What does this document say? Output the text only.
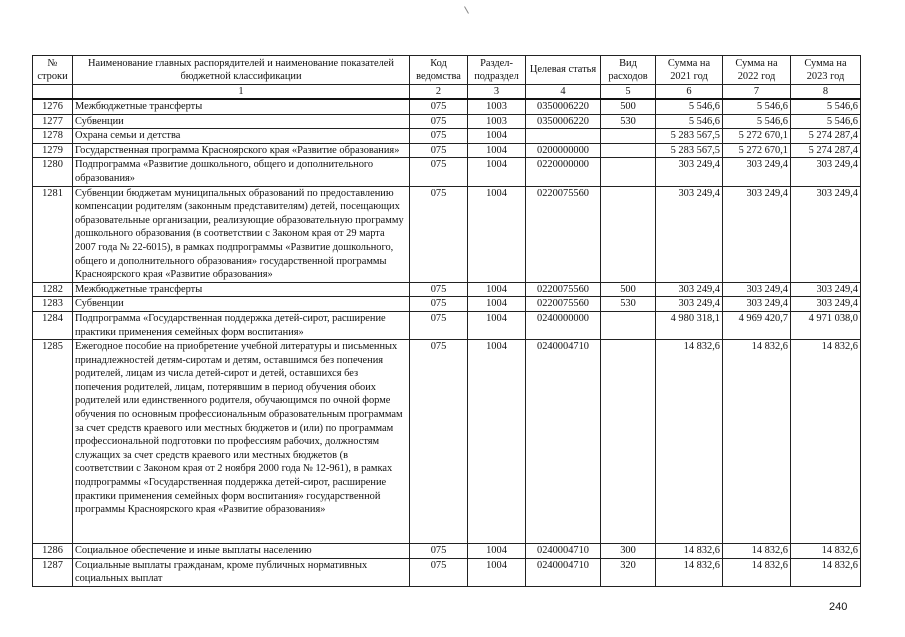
№ строки	Наименование главных распорядителей и наименование показателей бюджетной классификации	Код ведомства	Раздел-подраздел	Целевая статья	Вид расходов	Сумма на 2021 год	Сумма на 2022 год	Сумма на 2023 год
	1	2	3	4	5	6	7	8
1276	Межбюджетные трансферты	075	1003	0350006220	500	5 546,6	5 546,6	5 546,6
1277	Субвенции	075	1003	0350006220	530	5 546,6	5 546,6	5 546,6
1278	Охрана семьи и детства	075	1004			5 283 567,5	5 272 670,1	5 274 287,4
1279	Государственная программа Красноярского края «Развитие образования»	075	1004	0200000000		5 283 567,5	5 272 670,1	5 274 287,4
1280	Подпрограмма «Развитие дошкольного, общего и дополнительного образования»	075	1004	0220000000		303 249,4	303 249,4	303 249,4
1281	Субвенции бюджетам муниципальных образований по предоставлению компенсации родителям (законным представителям) детей, посещающих образовательные организации, реализующие образовательную программу дошкольного образования (в соответствии с Законом края от 29 марта 2007 года № 22-6015), в рамках подпрограммы «Развитие дошкольного, общего и дополнительного образования» государственной программы Красноярского края «Развитие образования»	075	1004	0220075560		303 249,4	303 249,4	303 249,4
1282	Межбюджетные трансферты	075	1004	0220075560	500	303 249,4	303 249,4	303 249,4
1283	Субвенции	075	1004	0220075560	530	303 249,4	303 249,4	303 249,4
1284	Подпрограмма «Государственная поддержка детей-сирот, расширение практики применения семейных форм воспитания»	075	1004	0240000000		4 980 318,1	4 969 420,7	4 971 038,0
1285	Ежегодное пособие на приобретение учебной литературы и письменных принадлежностей детям-сиротам и детям, оставшимся без попечения родителей, лицам из числа детей-сирот и детей, оставшихся без попечения родителей, лицам, потерявшим в период обучения обоих родителей или единственного родителя, обучающимся по очной форме обучения по основным профессиональным образовательным программам за счет средств краевого или местных бюджетов и (или) по программам профессиональной подготовки по профессиям рабочих, должностям служащих за счет средств краевого или местных бюджетов (в соответствии с Законом края от 2 ноября 2000 года № 12-961), в рамках подпрограммы «Государственная поддержка детей-сирот, расширение практики применения семейных форм воспитания» государственной программы Красноярского края «Развитие образования»	075	1004	0240004710		14 832,6	14 832,6	14 832,6
1286	Социальное обеспечение и иные выплаты населению	075	1004	0240004710	300	14 832,6	14 832,6	14 832,6
1287	Социальные выплаты гражданам, кроме публичных нормативных социальных выплат	075	1004	0240004710	320	14 832,6	14 832,6	14 832,6
240
